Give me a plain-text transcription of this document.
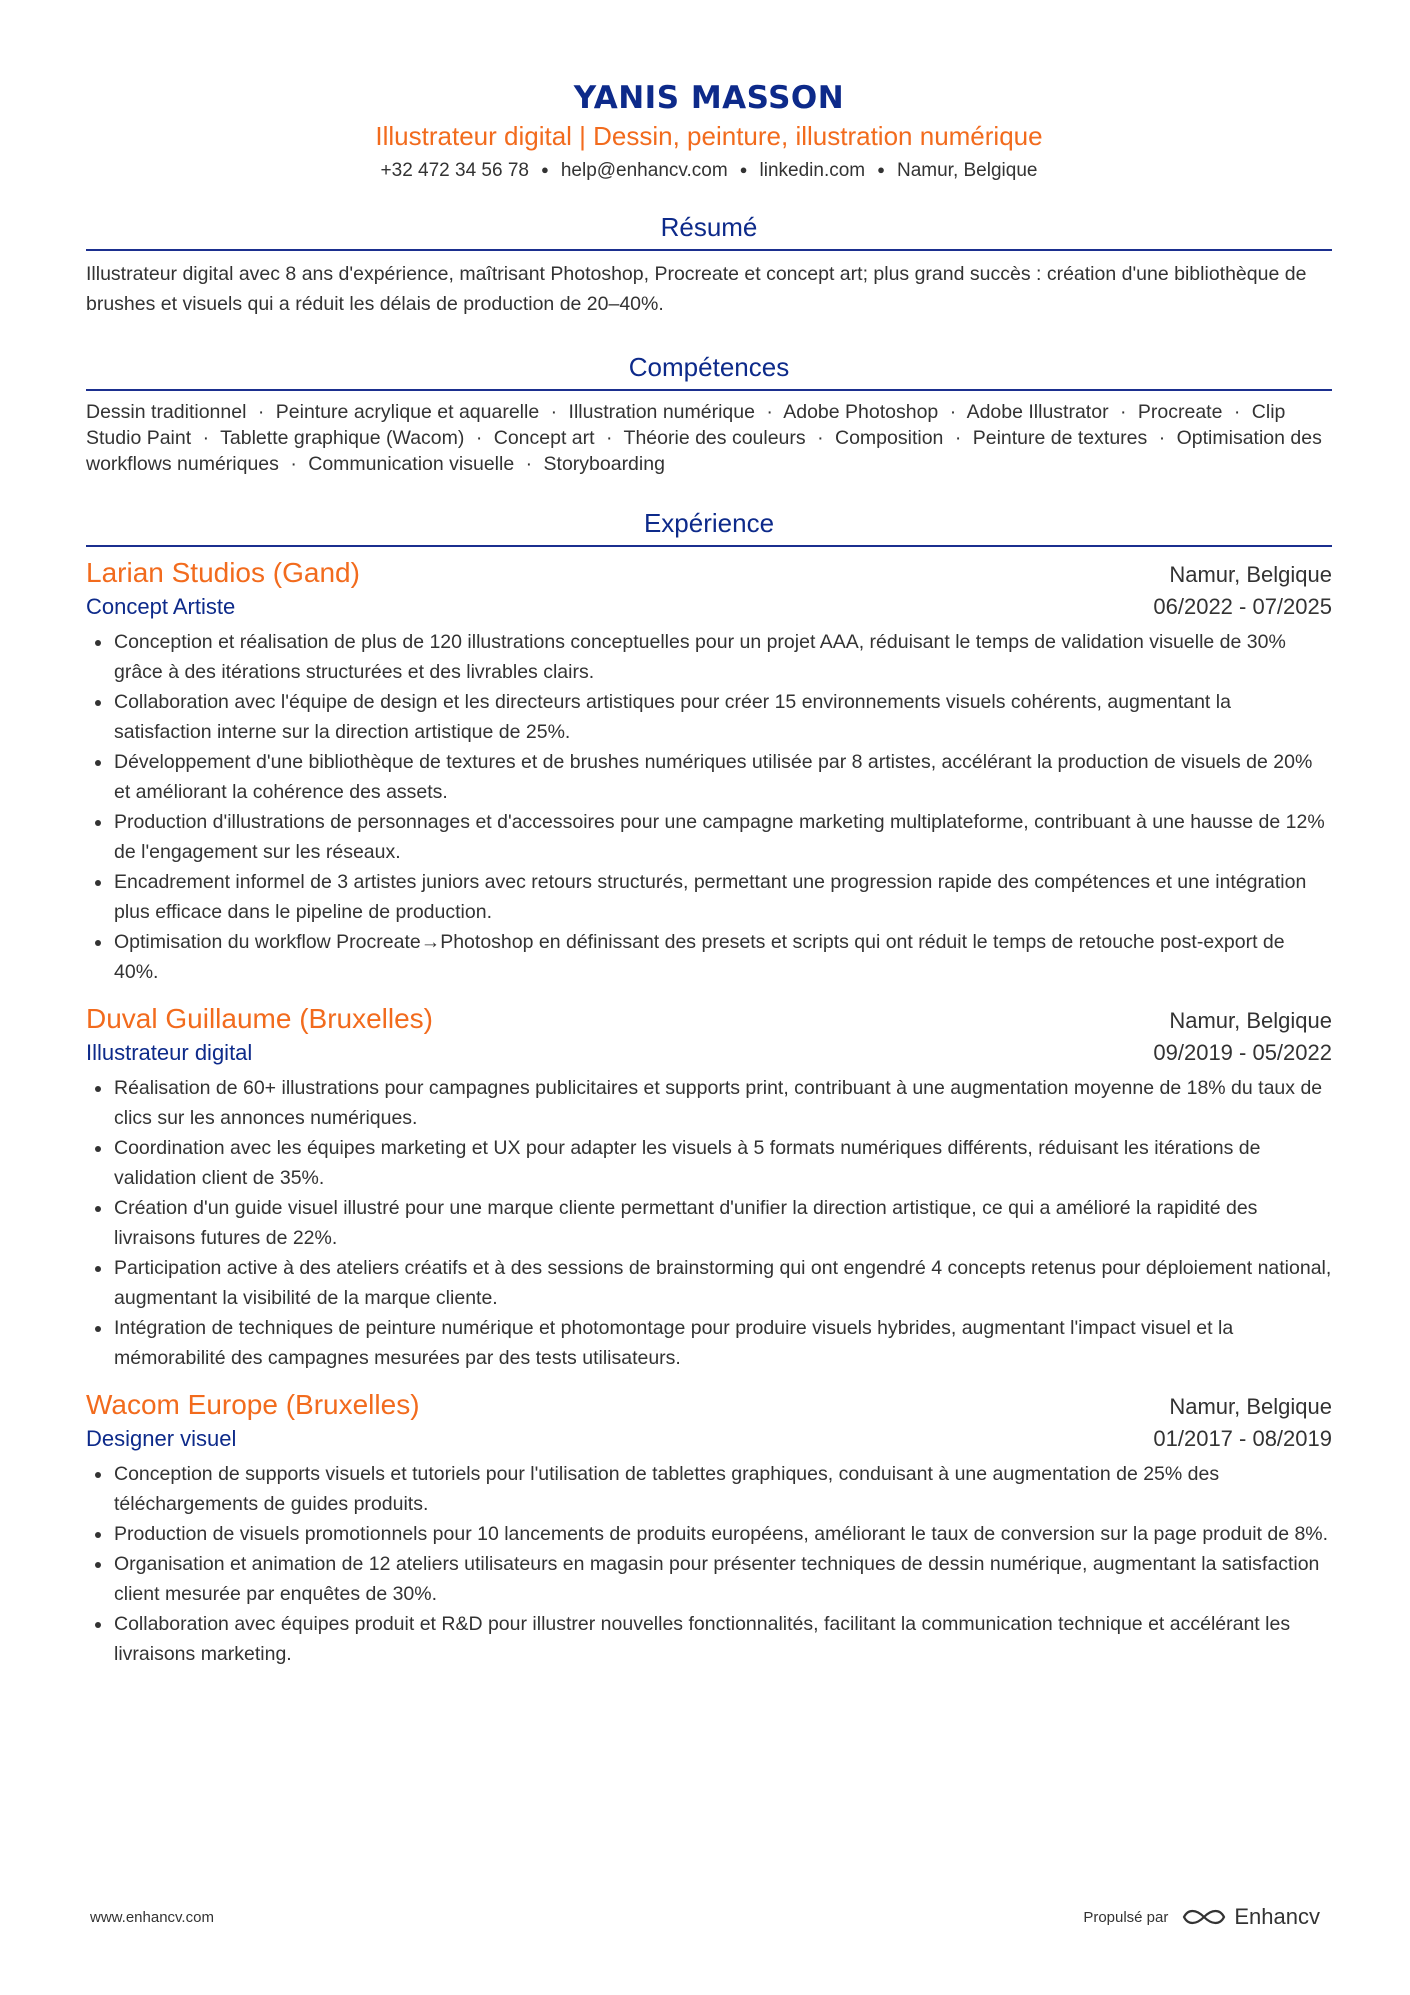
YANIS MASSON
Illustrateur digital | Dessin, peinture, illustration numérique
+32 472 34 56 78 ● help@enhancv.com ● linkedin.com ● Namur, Belgique
Résumé
Illustrateur digital avec 8 ans d'expérience, maîtrisant Photoshop, Procreate et concept art; plus grand succès : création d'une bibliothèque de brushes et visuels qui a réduit les délais de production de 20–40%.
Compétences
Dessin traditionnel · Peinture acrylique et aquarelle · Illustration numérique · Adobe Photoshop · Adobe Illustrator · Procreate · Clip Studio Paint · Tablette graphique (Wacom) · Concept art · Théorie des couleurs · Composition · Peinture de textures · Optimisation des workflows numériques · Communication visuelle · Storyboarding
Expérience
Larian Studios (Gand)	Namur, Belgique
Concept Artiste	06/2022 - 07/2025
Conception et réalisation de plus de 120 illustrations conceptuelles pour un projet AAA, réduisant le temps de validation visuelle de 30% grâce à des itérations structurées et des livrables clairs.
Collaboration avec l'équipe de design et les directeurs artistiques pour créer 15 environnements visuels cohérents, augmentant la satisfaction interne sur la direction artistique de 25%.
Développement d'une bibliothèque de textures et de brushes numériques utilisée par 8 artistes, accélérant la production de visuels de 20% et améliorant la cohérence des assets.
Production d'illustrations de personnages et d'accessoires pour une campagne marketing multiplateforme, contribuant à une hausse de 12% de l'engagement sur les réseaux.
Encadrement informel de 3 artistes juniors avec retours structurés, permettant une progression rapide des compétences et une intégration plus efficace dans le pipeline de production.
Optimisation du workflow Procreate→Photoshop en définissant des presets et scripts qui ont réduit le temps de retouche post-export de 40%.
Duval Guillaume (Bruxelles)	Namur, Belgique
Illustrateur digital	09/2019 - 05/2022
Réalisation de 60+ illustrations pour campagnes publicitaires et supports print, contribuant à une augmentation moyenne de 18% du taux de clics sur les annonces numériques.
Coordination avec les équipes marketing et UX pour adapter les visuels à 5 formats numériques différents, réduisant les itérations de validation client de 35%.
Création d'un guide visuel illustré pour une marque cliente permettant d'unifier la direction artistique, ce qui a amélioré la rapidité des livraisons futures de 22%.
Participation active à des ateliers créatifs et à des sessions de brainstorming qui ont engendré 4 concepts retenus pour déploiement national, augmentant la visibilité de la marque cliente.
Intégration de techniques de peinture numérique et photomontage pour produire visuels hybrides, augmentant l'impact visuel et la mémorabilité des campagnes mesurées par des tests utilisateurs.
Wacom Europe (Bruxelles)	Namur, Belgique
Designer visuel	01/2017 - 08/2019
Conception de supports visuels et tutoriels pour l'utilisation de tablettes graphiques, conduisant à une augmentation de 25% des téléchargements de guides produits.
Production de visuels promotionnels pour 10 lancements de produits européens, améliorant le taux de conversion sur la page produit de 8%.
Organisation et animation de 12 ateliers utilisateurs en magasin pour présenter techniques de dessin numérique, augmentant la satisfaction client mesurée par enquêtes de 30%.
Collaboration avec équipes produit et R&D pour illustrer nouvelles fonctionnalités, facilitant la communication technique et accélérant les livraisons marketing.
www.enhancv.com	Propulsé par	Enhancv
